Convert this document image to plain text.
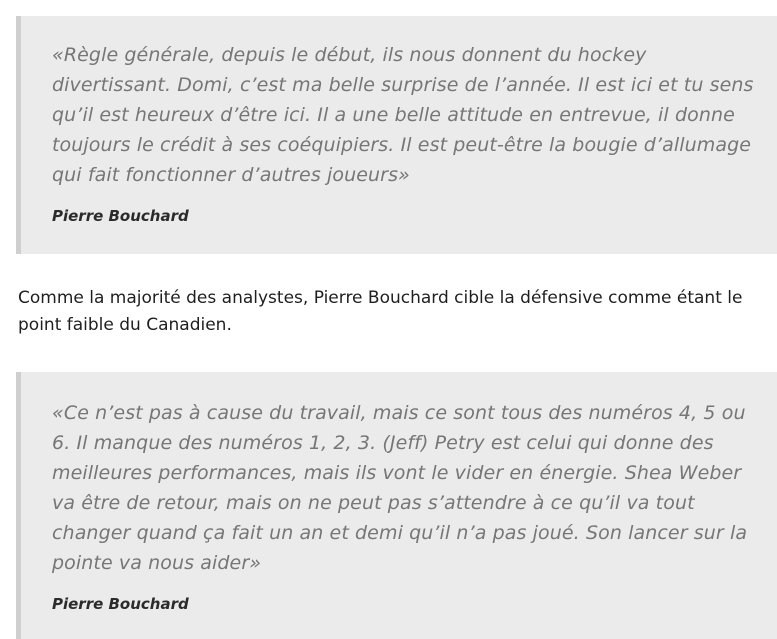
«Règle générale, depuis le début, ils nous donnent du hockey divertissant. Domi, c’est ma belle surprise de l’année. Il est ici et tu sens qu’il est heureux d’être ici. Il a une belle attitude en entrevue, il donne toujours le crédit à ses coéquipiers. Il est peut-être la bougie d’allumage qui fait fonctionner d’autres joueurs»

Pierre Bouchard

Comme la majorité des analystes, Pierre Bouchard cible la défensive comme étant le point faible du Canadien.

«Ce n’est pas à cause du travail, mais ce sont tous des numéros 4, 5 ou 6. Il manque des numéros 1, 2, 3. (Jeff) Petry est celui qui donne des meilleures performances, mais ils vont le vider en énergie. Shea Weber va être de retour, mais on ne peut pas s’attendre à ce qu’il va tout changer quand ça fait un an et demi qu’il n’a pas joué. Son lancer sur la pointe va nous aider»

Pierre Bouchard
